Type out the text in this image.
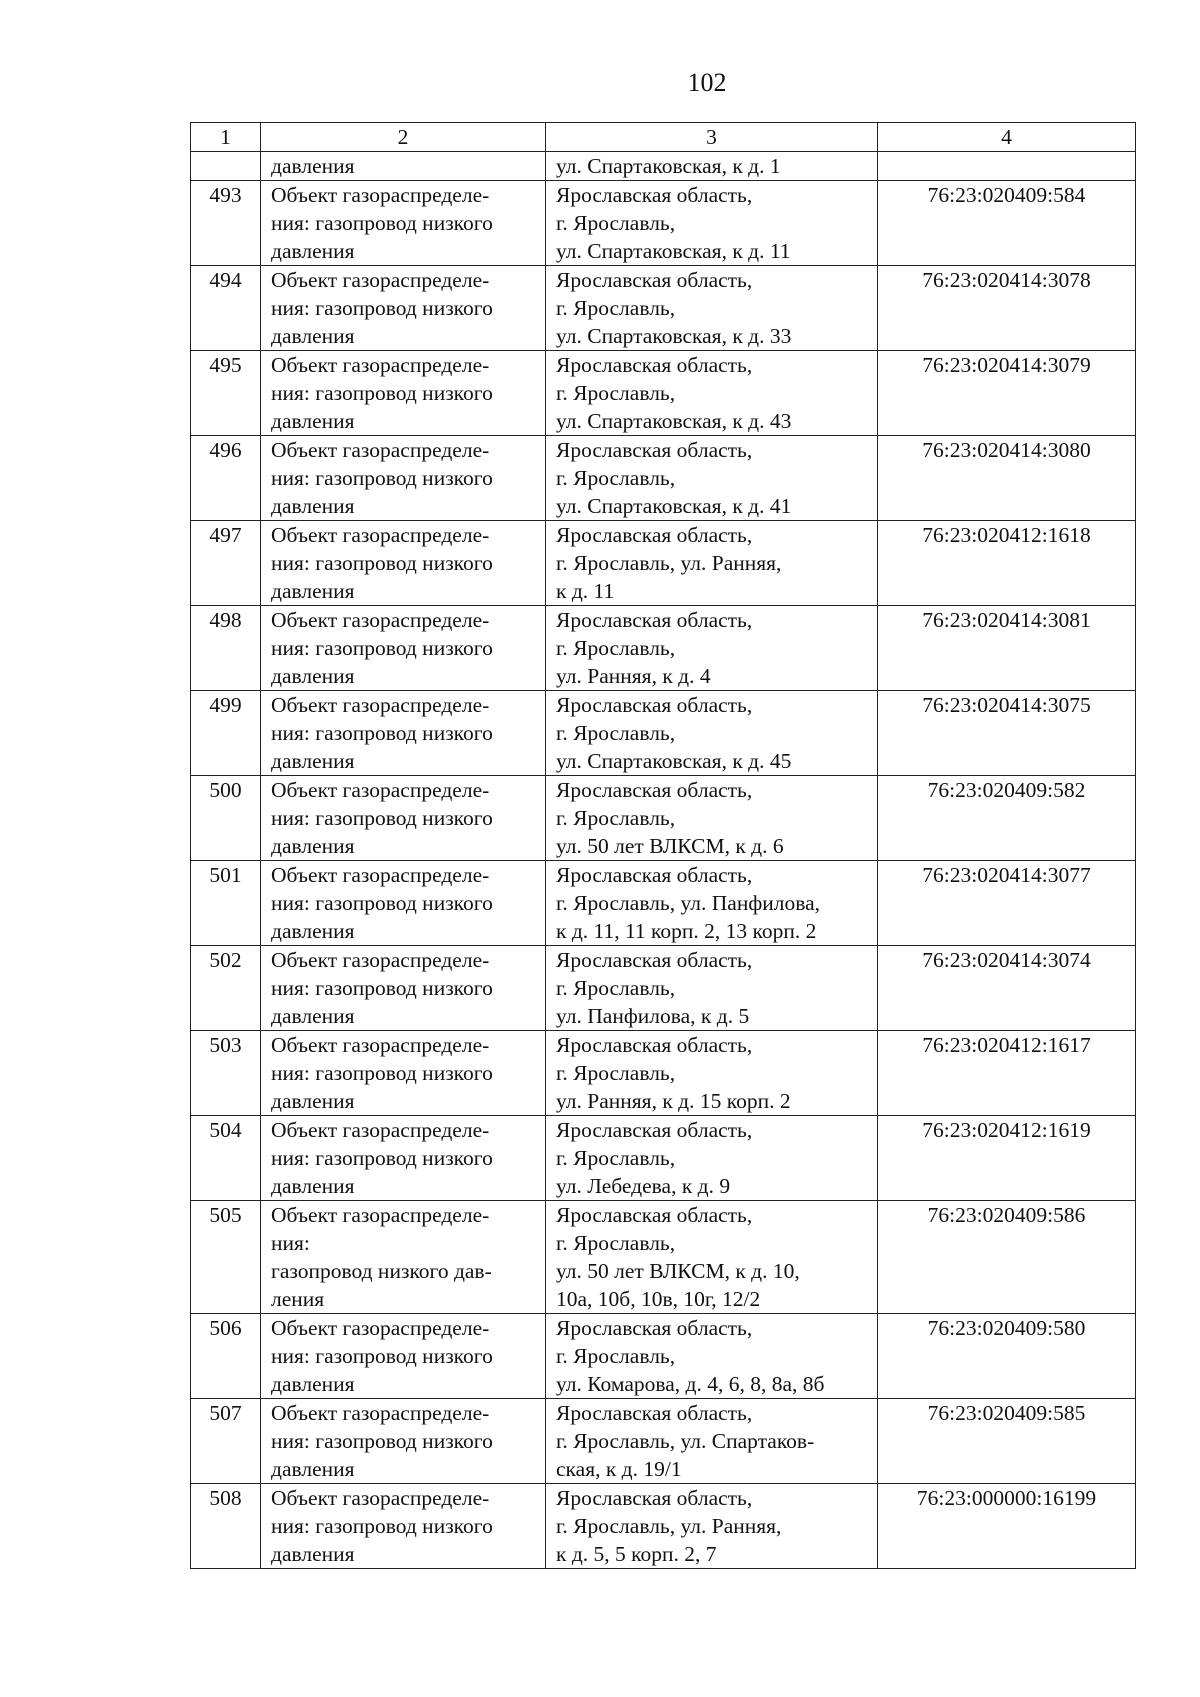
102
1	2	3	4

	давления	ул. Спартаковская, к д. 1	

493	Объект газораспределе-
ния: газопровод низкого
давления	Ярославская область,
г. Ярославль,
ул. Спартаковская, к д. 11	76:23:020409:584
494	Объект газораспределе-
ния: газопровод низкого
давления	Ярославская область,
г. Ярославль,
ул. Спартаковская, к д. 33	76:23:020414:3078
495	Объект газораспределе-
ния: газопровод низкого
давления	Ярославская область,
г. Ярославль,
ул. Спартаковская, к д. 43	76:23:020414:3079
496	Объект газораспределе-
ния: газопровод низкого
давления	Ярославская область,
г. Ярославль,
ул. Спартаковская, к д. 41	76:23:020414:3080
497	Объект газораспределе-
ния: газопровод низкого
давления	Ярославская область,
г. Ярославль, ул. Ранняя,
к д. 11	76:23:020412:1618
498	Объект газораспределе-
ния: газопровод низкого
давления	Ярославская область,
г. Ярославль,
ул. Ранняя, к д. 4	76:23:020414:3081
499	Объект газораспределе-
ния: газопровод низкого
давления	Ярославская область,
г. Ярославль,
ул. Спартаковская, к д. 45	76:23:020414:3075
500	Объект газораспределе-
ния: газопровод низкого
давления	Ярославская область,
г. Ярославль,
ул. 50 лет ВЛКСМ, к д. 6	76:23:020409:582
501	Объект газораспределе-
ния: газопровод низкого
давления	Ярославская область,
г. Ярославль, ул. Панфилова,
к д. 11, 11 корп. 2, 13 корп. 2	76:23:020414:3077
502	Объект газораспределе-
ния: газопровод низкого
давления	Ярославская область,
г. Ярославль,
ул. Панфилова, к д. 5	76:23:020414:3074
503	Объект газораспределе-
ния: газопровод низкого
давления	Ярославская область,
г. Ярославль,
ул. Ранняя, к д. 15 корп. 2	76:23:020412:1617
504	Объект газораспределе-
ния: газопровод низкого
давления	Ярославская область,
г. Ярославль,
ул. Лебедева, к д. 9	76:23:020412:1619
505	Объект газораспределе-
ния:
газопровод низкого дав-
ления	Ярославская область,
г. Ярославль,
ул. 50 лет ВЛКСМ, к д. 10,
10а, 10б, 10в, 10г, 12/2	76:23:020409:586
506	Объект газораспределе-
ния: газопровод низкого
давления	Ярославская область,
г. Ярославль,
ул. Комарова, д. 4, 6, 8, 8а, 8б	76:23:020409:580
507	Объект газораспределе-
ния: газопровод низкого
давления	Ярославская область,
г. Ярославль, ул. Спартаков-
ская, к д. 19/1	76:23:020409:585
508	Объект газораспределе-
ния: газопровод низкого
давления	Ярославская область,
г. Ярославль, ул. Ранняя,
к д. 5, 5 корп. 2, 7	76:23:000000:16199
